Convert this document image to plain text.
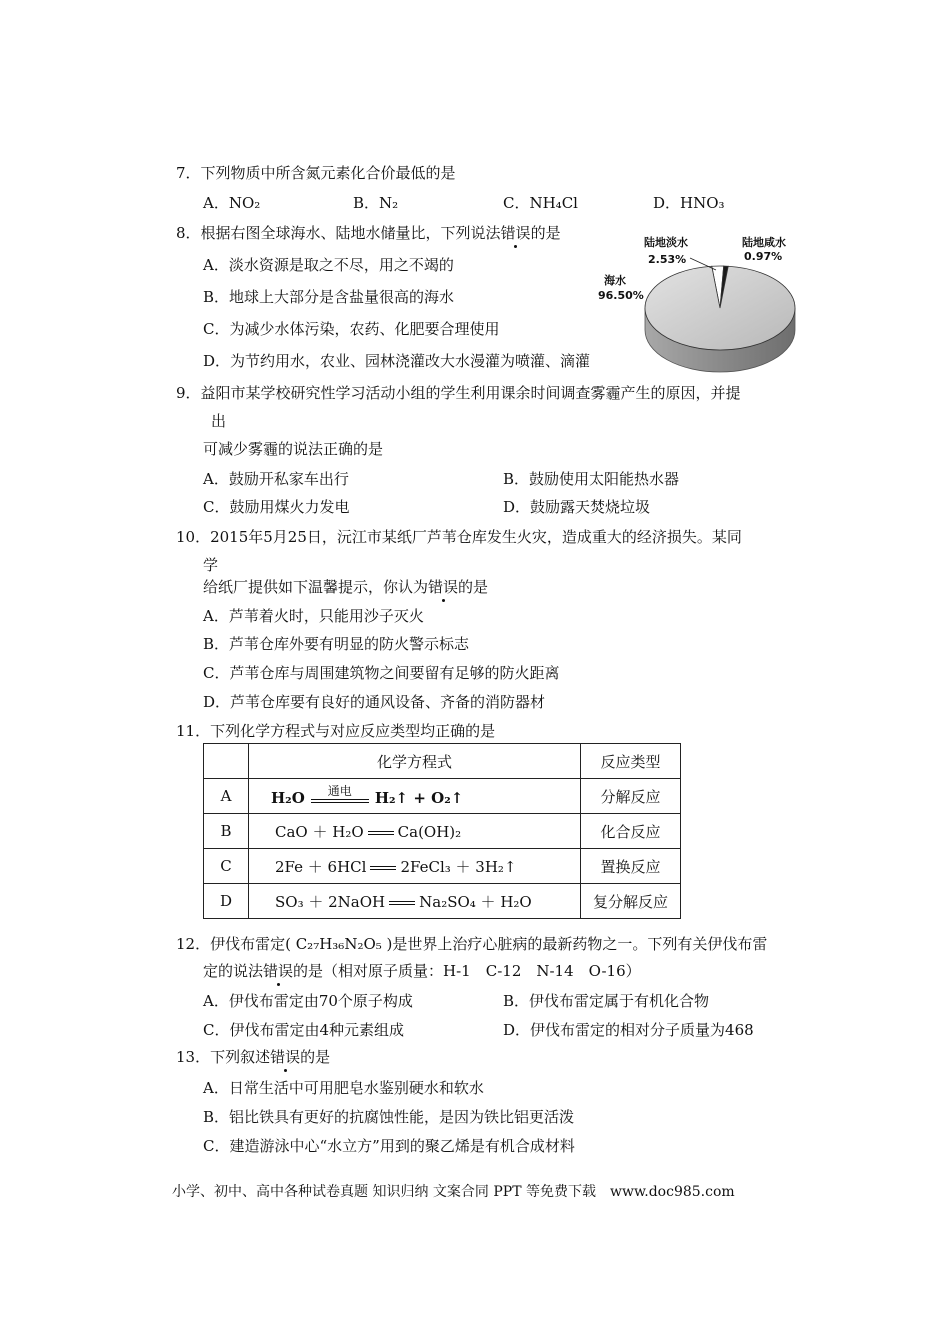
7．下列物质中所含氮元素化合价最低的是
A．NO₂	B．N₂	C．NH₄Cl	D．HNO₃
8．根据右图全球海水、陆地水储量比，下列说法错误的是
A．淡水资源是取之不尽，用之不竭的
B．地球上大部分是含盐量很高的海水
C．为减少水体污染，农药、化肥要合理使用
D．为节约用水，农业、园林浇灌改大水漫灌为喷灌、滴灌
陆地淡水
2.53%
陆地咸水
0.97%
海水
96.50%
9．益阳市某学校研究性学习活动小组的学生利用课余时间调查雾霾产生的原因，并提
出
可减少雾霾的说法正确的是
A．鼓励开私家车出行	B．鼓励使用太阳能热水器
C．鼓励用煤火力发电	D．鼓励露天焚烧垃圾
10．2015年5月25日，沅江市某纸厂芦苇仓库发生火灾，造成重大的经济损失。某同
学
给纸厂提供如下温馨提示，你认为错误的是
A．芦苇着火时，只能用沙子灭火
B．芦苇仓库外要有明显的防火警示标志
C．芦苇仓库与周围建筑物之间要留有足够的防火距离
D．芦苇仓库要有良好的通风设备、齐备的消防器材
11．下列化学方程式与对应反应类型均正确的是
	化学方程式	反应类型
A	H₂O 通电 H₂↑ + O₂↑	分解反应
B	CaO ＋ H₂O Ca(OH)₂	化合反应
C	2Fe ＋ 6HCl 2FeCl₃ ＋ 3H₂↑	置换反应
D	SO₃ ＋ 2NaOH Na₂SO₄ ＋ H₂O	复分解反应
12．伊伐布雷定( C₂₇H₃₆N₂O₅ )是世界上治疗心脏病的最新药物之一。下列有关伊伐布雷
定的说法错误的是（相对原子质量：H-1　C-12　N-14　O-16）
A．伊伐布雷定由70个原子构成	B．伊伐布雷定属于有机化合物
C．伊伐布雷定由4种元素组成	D．伊伐布雷定的相对分子质量为468
13．下列叙述错误的是
A．日常生活中可用肥皂水鉴别硬水和软水
B．铝比铁具有更好的抗腐蚀性能，是因为铁比铝更活泼
C．建造游泳中心“水立方”用到的聚乙烯是有机合成材料
小学、初中、高中各种试卷真题 知识归纳 文案合同 PPT 等免费下载　www.doc985.com
